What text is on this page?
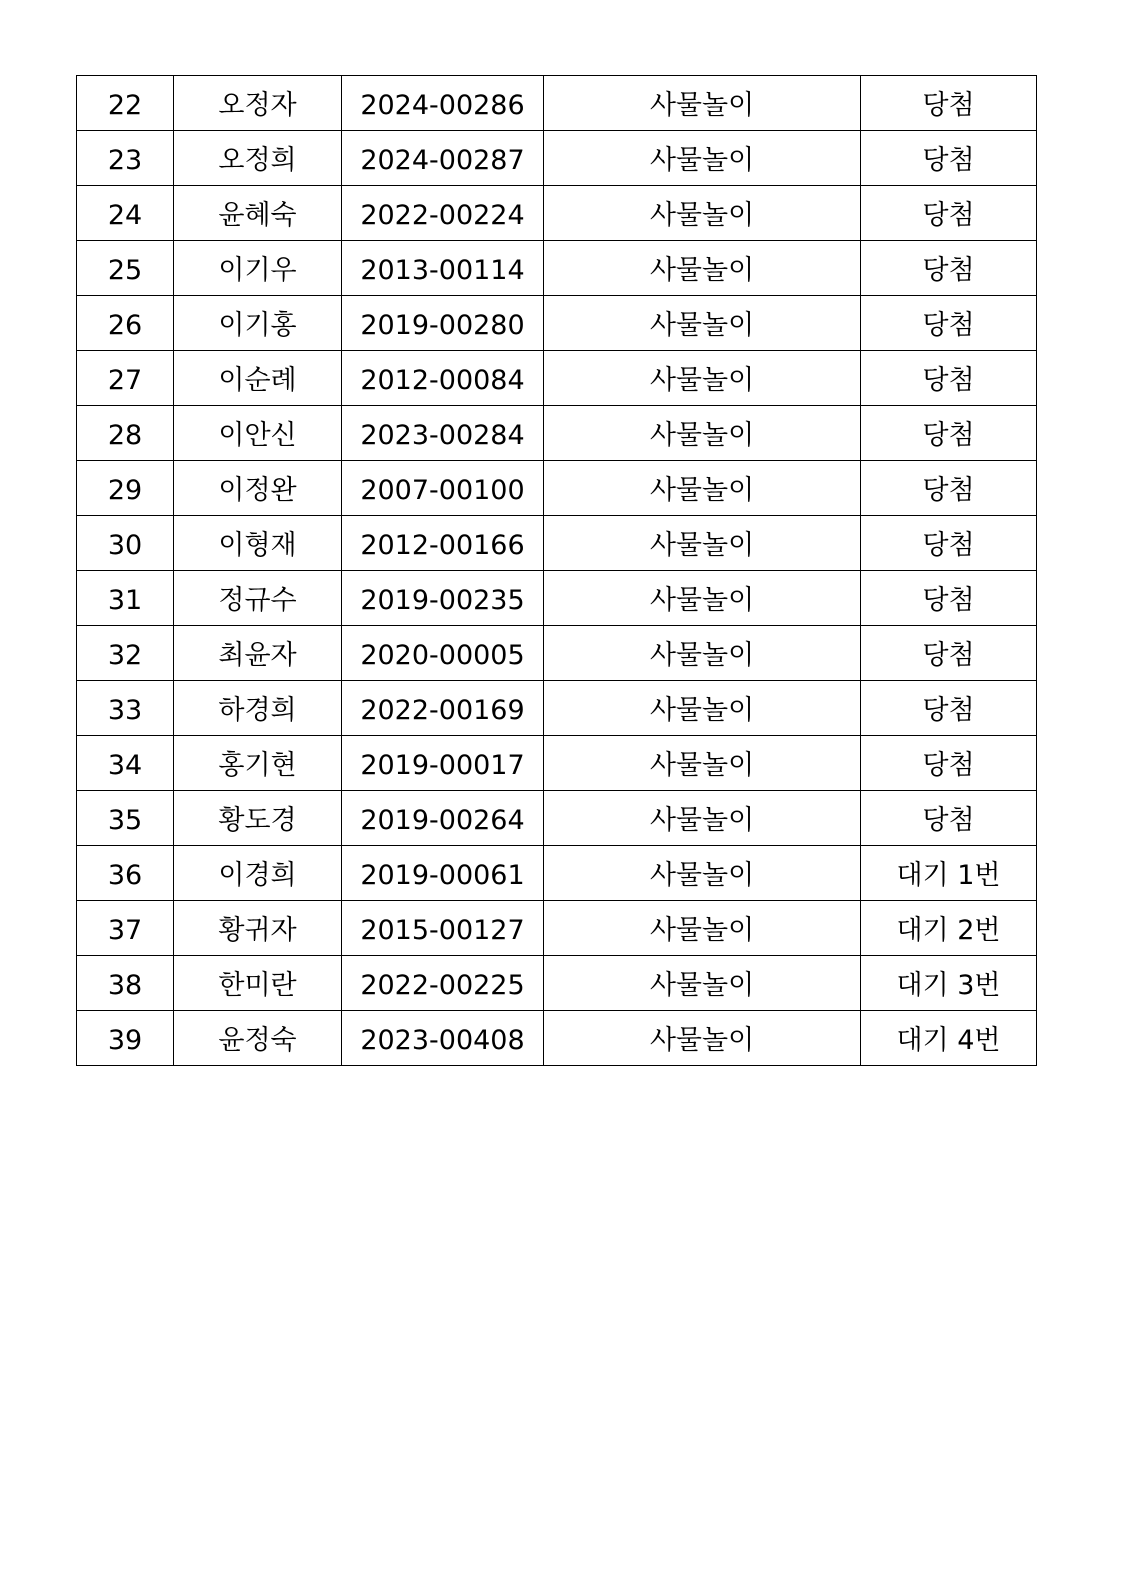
22	오정자	2024-00286	사물놀이	당첨
23	오정희	2024-00287	사물놀이	당첨
24	윤혜숙	2022-00224	사물놀이	당첨
25	이기우	2013-00114	사물놀이	당첨
26	이기홍	2019-00280	사물놀이	당첨
27	이순례	2012-00084	사물놀이	당첨
28	이안신	2023-00284	사물놀이	당첨
29	이정완	2007-00100	사물놀이	당첨
30	이형재	2012-00166	사물놀이	당첨
31	정규수	2019-00235	사물놀이	당첨
32	최윤자	2020-00005	사물놀이	당첨
33	하경희	2022-00169	사물놀이	당첨
34	홍기현	2019-00017	사물놀이	당첨
35	황도경	2019-00264	사물놀이	당첨
36	이경희	2019-00061	사물놀이	대기 1번
37	황귀자	2015-00127	사물놀이	대기 2번
38	한미란	2022-00225	사물놀이	대기 3번
39	윤정숙	2023-00408	사물놀이	대기 4번
